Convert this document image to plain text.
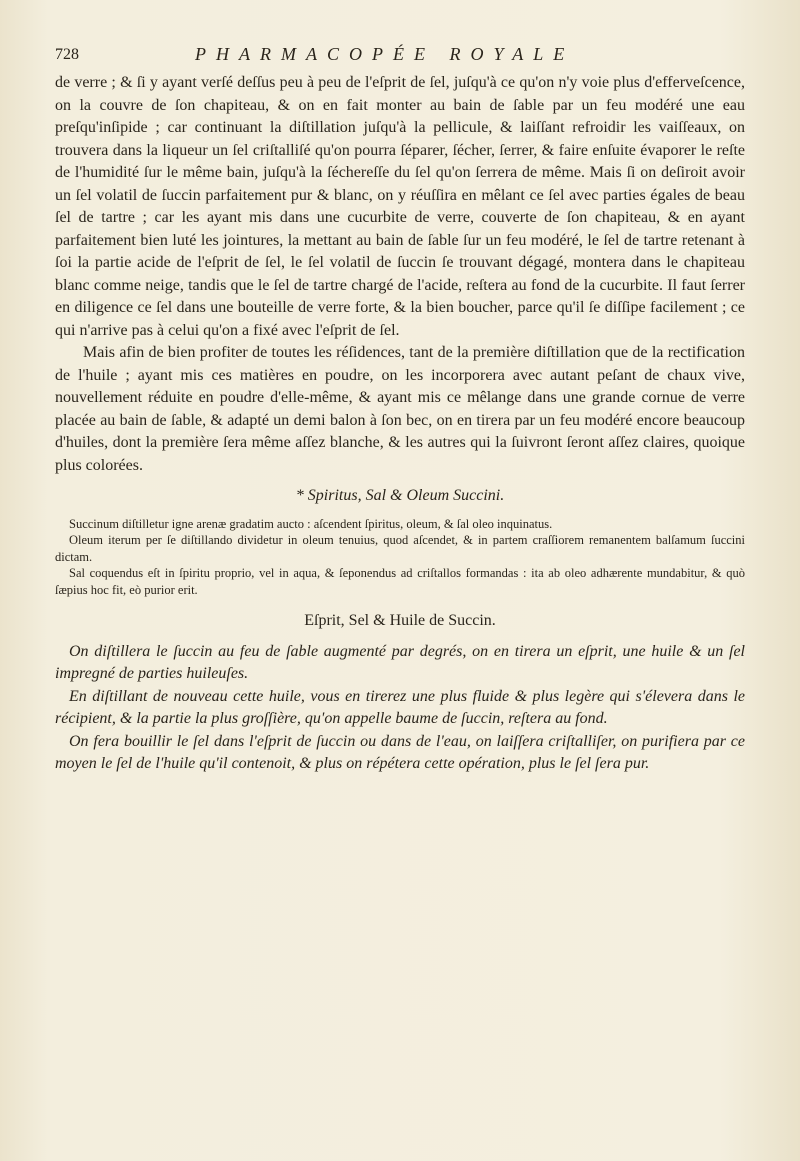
728	PHARMACOPÉE ROYALE

de verre ; & ſi y ayant verſé deſſus peu à peu de l'eſprit de ſel, juſqu'à ce qu'on n'y voie plus d'efferveſcence, on la couvre de ſon chapiteau, & on en fait monter au bain de ſable par un feu modéré une eau preſqu'inſipide ; car continuant la diſtillation juſqu'à la pellicule, & laiſſant refroidir les vaiſſeaux, on trouvera dans la liqueur un ſel criſtalliſé qu'on pourra ſéparer, ſécher, ſerrer, & faire enſuite évaporer le reſte de l'humidité ſur le même bain, juſqu'à la ſéchereſſe du ſel qu'on ſerrera de même. Mais ſi on deſiroit avoir un ſel volatil de ſuccin parfaitement pur & blanc, on y réuſſira en mêlant ce ſel avec parties égales de beau ſel de tartre ; car les ayant mis dans une cucurbite de verre, couverte de ſon chapiteau, & en ayant parfaitement bien luté les jointures, la mettant au bain de ſable ſur un feu modéré, le ſel de tartre retenant à ſoi la partie acide de l'eſprit de ſel, le ſel volatil de ſuccin ſe trouvant dégagé, montera dans le chapiteau blanc comme neige, tandis que le ſel de tartre chargé de l'acide, reſtera au fond de la cucurbite. Il faut ſerrer en diligence ce ſel dans une bouteille de verre forte, & la bien boucher, parce qu'il ſe diſſipe facilement ; ce qui n'arrive pas à celui qu'on a fixé avec l'eſprit de ſel.

Mais afin de bien profiter de toutes les réſidences, tant de la première diſtillation que de la rectification de l'huile ; ayant mis ces matières en poudre, on les incorporera avec autant peſant de chaux vive, nouvellement réduite en poudre d'elle-même, & ayant mis ce mêlange dans une grande cornue de verre placée au bain de ſable, & adapté un demi balon à ſon bec, on en tirera par un feu modéré encore beaucoup d'huiles, dont la première ſera même aſſez blanche, & les autres qui la ſuivront ſeront aſſez claires, quoique plus colorées.

* Spiritus, Sal & Oleum Succini.

Succinum diſtilletur igne arenæ gradatim aucto : aſcendent ſpiritus, oleum, & ſal oleo inquinatus.

Oleum iterum per ſe diſtillando dividetur in oleum tenuius, quod aſcendet, & in partem craſſiorem remanentem balſamum ſuccini dictam.

Sal coquendus eſt in ſpiritu proprio, vel in aqua, & ſeponendus ad criſtallos formandas : ita ab oleo adhærente mundabitur, & quò ſæpius hoc fit, eò purior erit.

Eſprit, Sel & Huile de Succin.

On diſtillera le ſuccin au feu de ſable augmenté par degrés, on en tirera un eſprit, une huile & un ſel impregné de parties huileuſes.

En diſtillant de nouveau cette huile, vous en tirerez une plus fluide & plus legère qui s'élevera dans le récipient, & la partie la plus groſſière, qu'on appelle baume de ſuccin, reſtera au fond.

On fera bouillir le ſel dans l'eſprit de ſuccin ou dans de l'eau, on laiſſera criſtalliſer, on purifiera par ce moyen le ſel de l'huile qu'il contenoit, & plus on répétera cette opération, plus le ſel ſera pur.
